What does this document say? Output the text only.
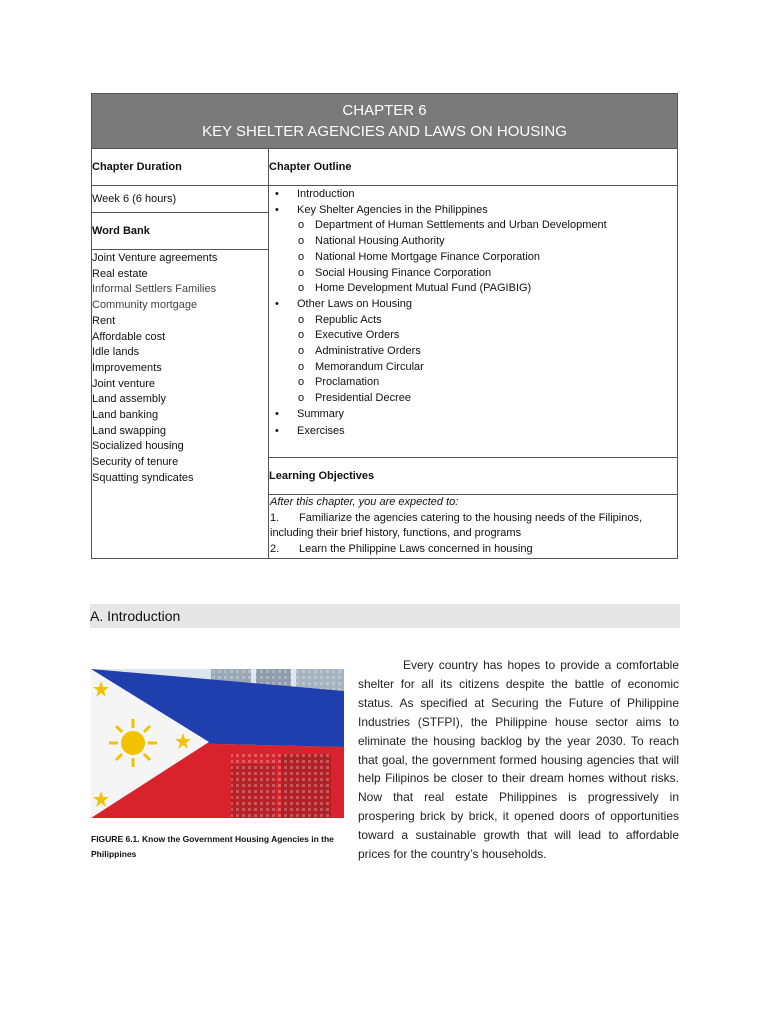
CHAPTER 6
KEY SHELTER AGENCIES AND LAWS ON HOUSING
Chapter Duration
Week 6 (6 hours)
Word Bank
Joint Venture agreements
Real estate
Informal Settlers Families
Community mortgage
Rent
Affordable cost
Idle lands
Improvements
Joint venture
Land assembly
Land banking
Land swapping
Socialized housing
Security of tenure
Squatting syndicates
Chapter Outline
• Introduction
• Key Shelter Agencies in the Philippines
o Department of Human Settlements and Urban Development
o National Housing Authority
o National Home Mortgage Finance Corporation
o Social Housing Finance Corporation
o Home Development Mutual Fund (PAGIBIG)
• Other Laws on Housing
o Republic Acts
o Executive Orders
o Administrative Orders
o Memorandum Circular
o Proclamation
o Presidential Decree
• Summary
• Exercises
Learning Objectives
After this chapter, you are expected to:
1. Familiarize the agencies catering to the housing needs of the Filipinos, including their brief history, functions, and programs
2. Learn the Philippine Laws concerned in housing
A. Introduction
FIGURE 6.1. Know the Government Housing Agencies in the Philippines
Every country has hopes to provide a comfortable shelter for all its citizens despite the battle of economic status. As specified at Securing the Future of Philippine Industries (STFPI), the Philippine house sector aims to eliminate the housing backlog by the year 2030. To reach that goal, the government formed housing agencies that will help Filipinos be closer to their dream homes without risks. Now that real estate Philippines is progressively in prospering brick by brick, it opened doors of opportunities toward a sustainable growth that will lead to affordable prices for the country’s households.
